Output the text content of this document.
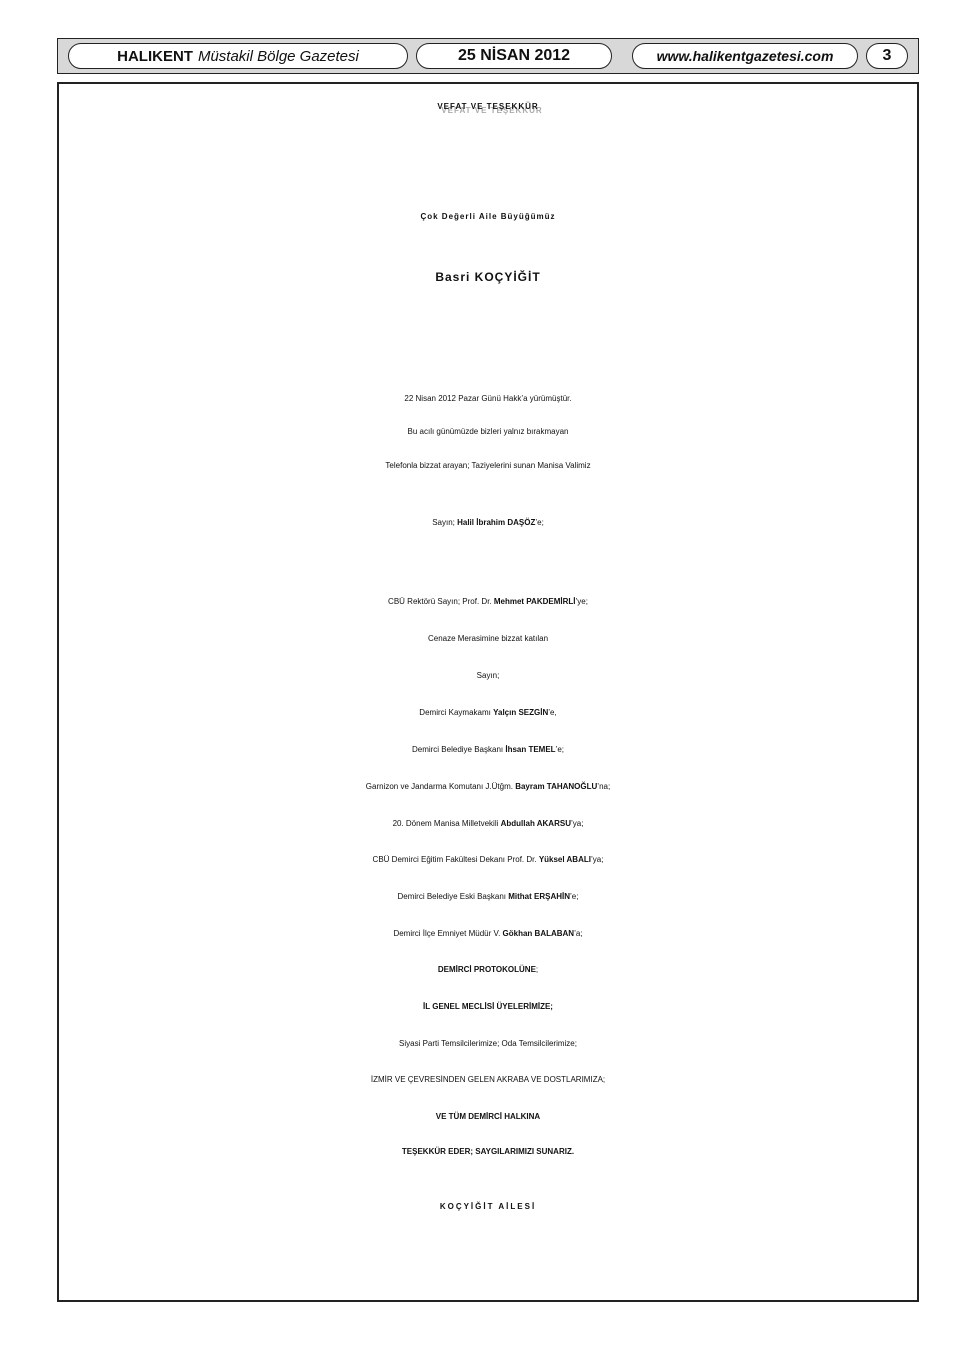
HALIKENT Müstakil Bölge Gazetesi	25 NİSAN 2012	www.halikentgazetesi.com	3
VEFAT VE TEŞEKKÜR
Çok Değerli Aile Büyüğümüz
Basri KOÇYİĞİT
22 Nisan 2012 Pazar Günü Hakk’a yürümüştür.
Bu acılı günümüzde bizleri yalnız bırakmayan
Telefonla bizzat arayan; Taziyelerini sunan Manisa Valimiz
Sayın; Halil İbrahim DAŞÖZ’e;
CBÜ Rektörü Sayın; Prof. Dr. Mehmet PAKDEMİRLİ’ye;
Cenaze Merasimine bizzat katılan
Sayın;
Demirci Kaymakamı Yalçın SEZGİN’e,
Demirci Belediye Başkanı İhsan TEMEL’e;
Garnizon ve Jandarma Komutanı J.Ütğm. Bayram TAHANOĞLU’na;
20. Dönem Manisa Milletvekili Abdullah AKARSU’ya;
CBÜ Demirci Eğitim Fakültesi Dekanı Prof. Dr. Yüksel ABALI’ya;
Demirci Belediye Eski Başkanı Mithat ERŞAHİN’e;
Demirci İlçe Emniyet Müdür V. Gökhan BALABAN’a;
DEMİRCİ PROTOKOLÜNE;
İL GENEL MECLİSİ ÜYELERİMİZE;
Siyasi Parti Temsilcilerimize; Oda Temsilcilerimize;
İZMİR VE ÇEVRESİNDEN GELEN AKRABA VE DOSTLARIMIZA;
VE TÜM DEMİRCİ HALKINA
TEŞEKKÜR EDER; SAYGILARIMIZI SUNARIZ.
KOÇYİĞİT AİLESİ
